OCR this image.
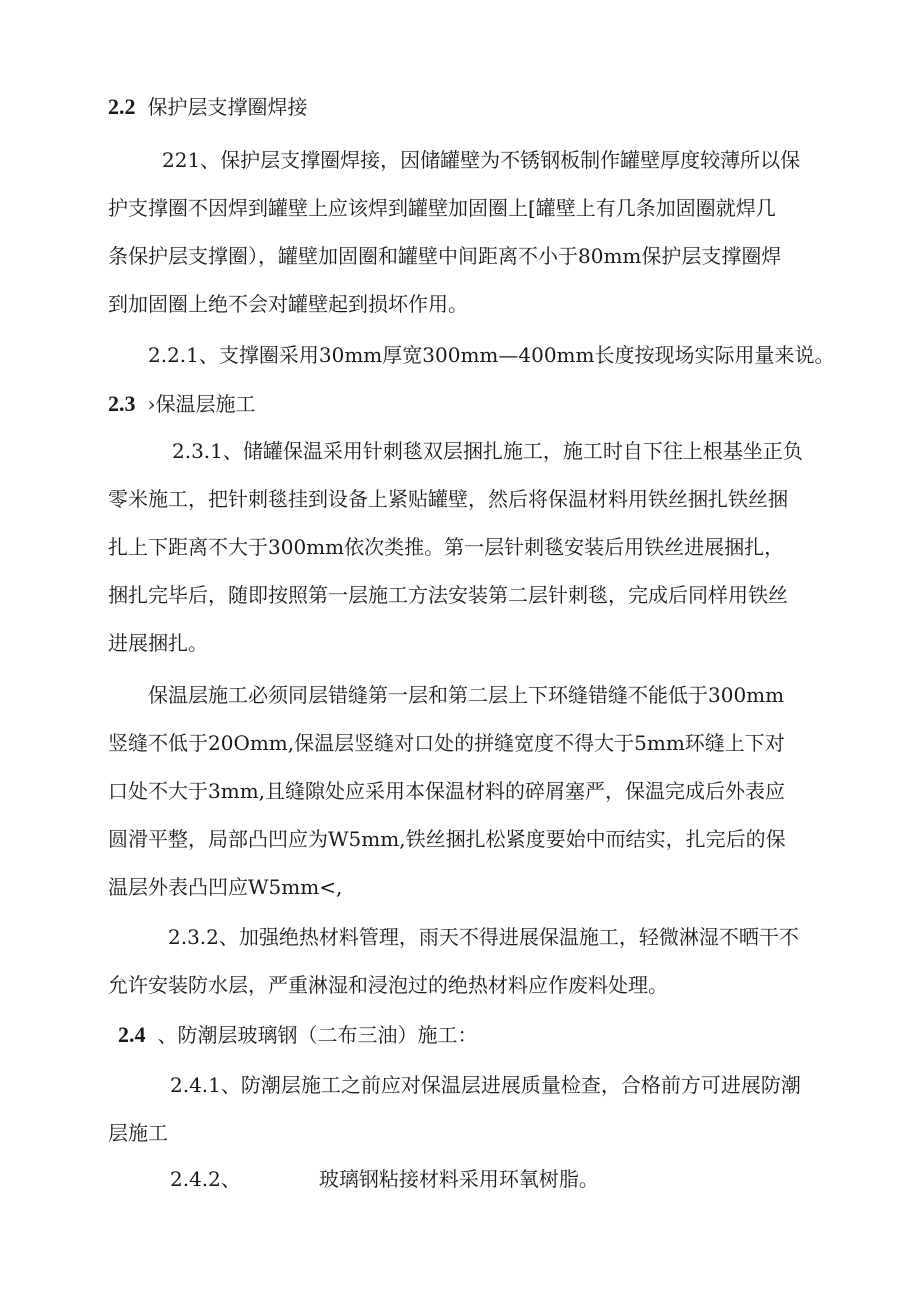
2.2 保护层支撑圈焊接

221、保护层支撑圈焊接，因储罐壁为不锈钢板制作罐壁厚度较薄所以保
护支撑圈不因焊到罐壁上应该焊到罐壁加固圈上[罐壁上有几条加固圈就焊几
条保护层支撑圈），罐壁加固圈和罐壁中间距离不小于80mm保护层支撑圈焊
到加固圈上绝不会对罐壁起到损坏作用。

2.2.1、支撑圈采用30mm厚宽300mm—400mm长度按现场实际用量来说。

2.3 ›保温层施工

2.3.1、储罐保温采用针刺毯双层捆扎施工，施工时自下往上根基坐正负
零米施工，把针刺毯挂到设备上紧贴罐壁，然后将保温材料用铁丝捆扎铁丝捆
扎上下距离不大于300mm依次类推。第一层针刺毯安装后用铁丝进展捆扎，
捆扎完毕后，随即按照第一层施工方法安装第二层针刺毯，完成后同样用铁丝
进展捆扎。

保温层施工必须同层错缝第一层和第二层上下环缝错缝不能低于300mm
竖缝不低于20Omm,保温层竖缝对口处的拼缝宽度不得大于5mm环缝上下对
口处不大于3mm,且缝隙处应采用本保温材料的碎屑塞严，保温完成后外表应
圆滑平整，局部凸凹应为W5mm,铁丝捆扎松紧度要始中而结实，扎完后的保
温层外表凸凹应W5mm<,

2.3.2、加强绝热材料管理，雨天不得进展保温施工，轻微淋湿不晒干不
允许安装防水层，严重淋湿和浸泡过的绝热材料应作废料处理。

2.4 、防潮层玻璃钢（二布三油）施工：

2.4.1、防潮层施工之前应对保温层进展质量检查，合格前方可进展防潮
层施工

2.4.2、	玻璃钢粘接材料采用环氧树脂。
